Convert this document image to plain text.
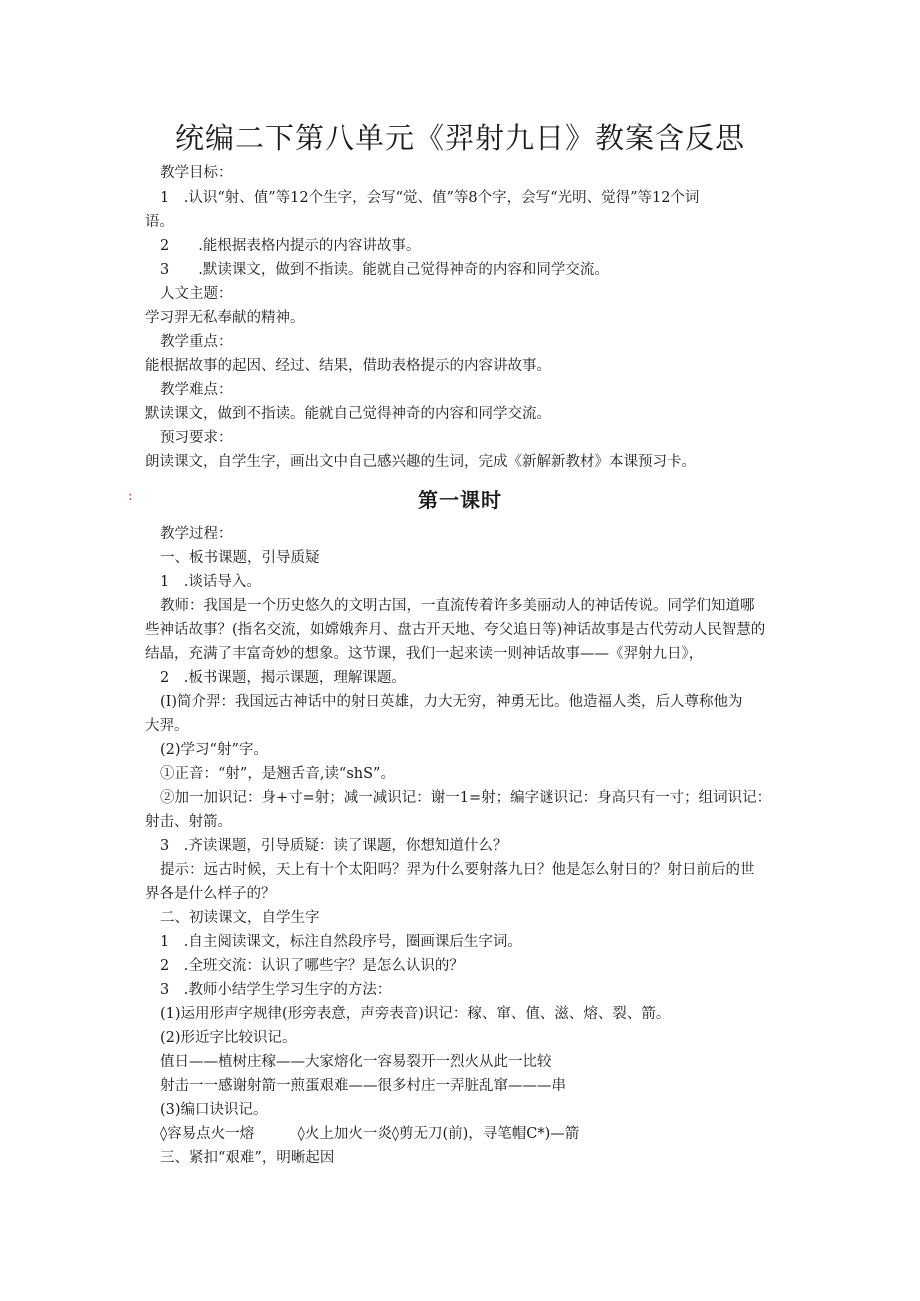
统编二下第八单元《羿射九日》教案含反思
教学目标：
1　.认识“射、值”等12个生字，会写“觉、值”等8个字，会写“光明、觉得”等12个词
语。
2　　.能根据表格内提示的内容讲故事。
3　　.默读课文，做到不指读。能就自己觉得神奇的内容和同学交流。
人文主题：
学习羿无私奉献的精神。
教学重点：
能根据故事的起因、经过、结果，借助表格提示的内容讲故事。
教学难点：
默读课文，做到不指读。能就自己觉得神奇的内容和同学交流。
预习要求：
朗读课文，自学生字，画出文中自己感兴趣的生词，完成《新解新教材》本课预习卡。
:	第一课时
教学过程：
一、板书课题，引导质疑
1　.谈话导入。
教师：我国是一个历史悠久的文明古国，一直流传着许多美丽动人的神话传说。同学们知道哪
些神话故事？(指名交流，如嫦娥奔月、盘古开天地、夸父追日等)神话故事是古代劳动人民智慧的
结晶，充满了丰富奇妙的想象。这节课，我们一起来读一则神话故事——《羿射九日》，
2　.板书课题，揭示课题，理解课题。
(I)简介羿：我国远古神话中的射日英雄，力大无穷，神勇无比。他造福人类，后人尊称他为
大羿。
(2)学习“射”字。
①正音：“射”，是翘舌音,读“shS”。
②加一加识记：身+寸=射；减一减识记：谢一1=射；编字谜识记：身高只有一寸；组词识记：
射击、射箭。
3　.齐读课题，引导质疑：读了课题，你想知道什么？
提示：远古时候，天上有十个太阳吗？羿为什么要射落九日？他是怎么射日的？射日前后的世
界各是什么样子的？
二、初读课文，自学生字
1　.自主阅读课文，标注自然段序号，圈画课后生字词。
2　.全班交流：认识了哪些字？是怎么认识的？
3　.教师小结学生学习生字的方法：
(1)运用形声字规律(形旁表意，声旁表音)识记：稼、窜、值、滋、熔、裂、箭。
(2)形近字比较识记。
值日——植树庄稼——大家熔化一容易裂开一烈火从此一比较
射击一一感谢射箭一煎蛋艰难——很多村庄一弄脏乱窜———串
(3)编口诀识记。
◊容易点火一熔　　　◊火上加火一炎◊剪无刀(前)，寻笔帽C*)—箭
三、紧扣“艰难”，明晰起因
